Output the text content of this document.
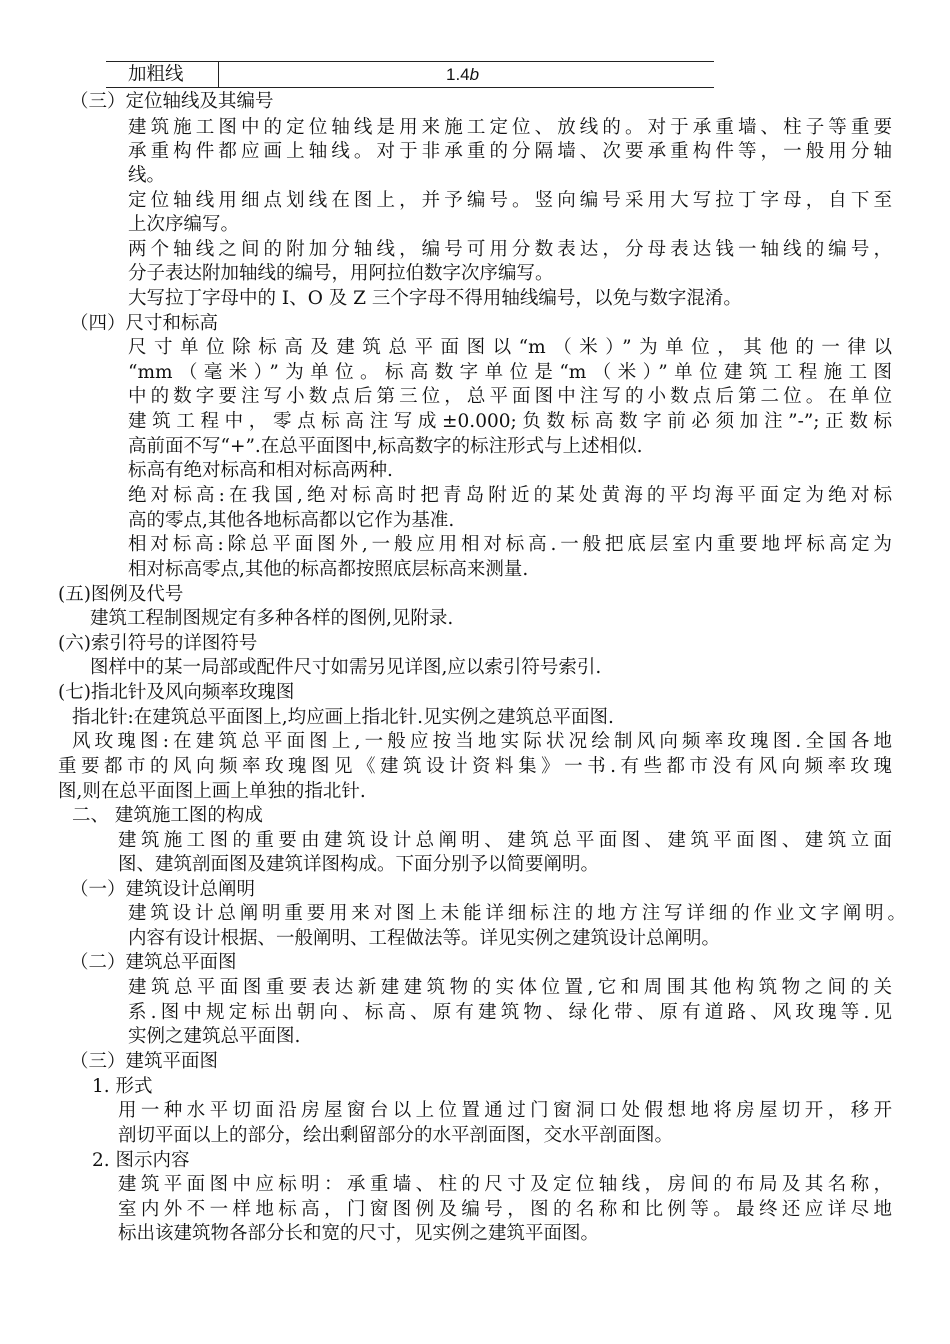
加粗线	1.4b
（三）定位轴线及其编号
建筑施工图中的定位轴线是用来施工定位、放线的。对于承重墙、柱子等重要
承重构件都应画上轴线。对于非承重的分隔墙、次要承重构件等，一般用分轴
线。
定位轴线用细点划线在图上，并予编号。竖向编号采用大写拉丁字母，自下至
上次序编写。
两个轴线之间的附加分轴线，编号可用分数表达，分母表达钱一轴线的编号，
分子表达附加轴线的编号，用阿拉伯数字次序编写。
大写拉丁字母中的 I、O 及 Z 三个字母不得用轴线编号，以免与数字混淆。
（四）尺寸和标高
尺寸单位除标高及建筑总平面图以“m（米）”为单位，其他的一律以
“mm（毫米）”为单位。标高数字单位是“m（米）”单位建筑工程施工图
中的数字要注写小数点后第三位，总平面图中注写的小数点后第二位。在单位
建筑工程中，零点标高注写成±0.000;负数标高数字前必须加注”-”;正数标
高前面不写“+”.在总平面图中,标高数字的标注形式与上述相似.
标高有绝对标高和相对标高两种.
绝对标高:在我国,绝对标高时把青岛附近的某处黄海的平均海平面定为绝对标
高的零点,其他各地标高都以它作为基准.
相对标高:除总平面图外,一般应用相对标高.一般把底层室内重要地坪标高定为
相对标高零点,其他的标高都按照底层标高来测量.
(五)图例及代号
建筑工程制图规定有多种各样的图例,见附录.
(六)索引符号的详图符号
图样中的某一局部或配件尺寸如需另见详图,应以索引符号索引.
(七)指北针及风向频率玫瑰图
指北针:在建筑总平面图上,均应画上指北针.见实例之建筑总平面图.
风玫瑰图:在建筑总平面图上,一般应按当地实际状况绘制风向频率玫瑰图.全国各地
重要都市的风向频率玫瑰图见《建筑设计资料集》一书.有些都市没有风向频率玫瑰
图,则在总平面图上画上单独的指北针.
二、 建筑施工图的构成
建筑施工图的重要由建筑设计总阐明、建筑总平面图、建筑平面图、建筑立面
图、建筑剖面图及建筑详图构成。下面分别予以简要阐明。
（一）建筑设计总阐明
建筑设计总阐明重要用来对图上未能详细标注的地方注写详细的作业文字阐明。
内容有设计根据、一般阐明、工程做法等。详见实例之建筑设计总阐明。
（二）建筑总平面图
建筑总平面图重要表达新建建筑物的实体位置,它和周围其他构筑物之间的关
系.图中规定标出朝向、标高、原有建筑物、绿化带、原有道路、风玫瑰等.见
实例之建筑总平面图.
（三）建筑平面图
1. 形式
用一种水平切面沿房屋窗台以上位置通过门窗洞口处假想地将房屋切开，移开
剖切平面以上的部分，绘出剩留部分的水平剖面图，交水平剖面图。
2. 图示内容
建筑平面图中应标明：承重墙、柱的尺寸及定位轴线，房间的布局及其名称，
室内外不一样地标高，门窗图例及编号，图的名称和比例等。最终还应详尽地
标出该建筑物各部分长和宽的尺寸，见实例之建筑平面图。
